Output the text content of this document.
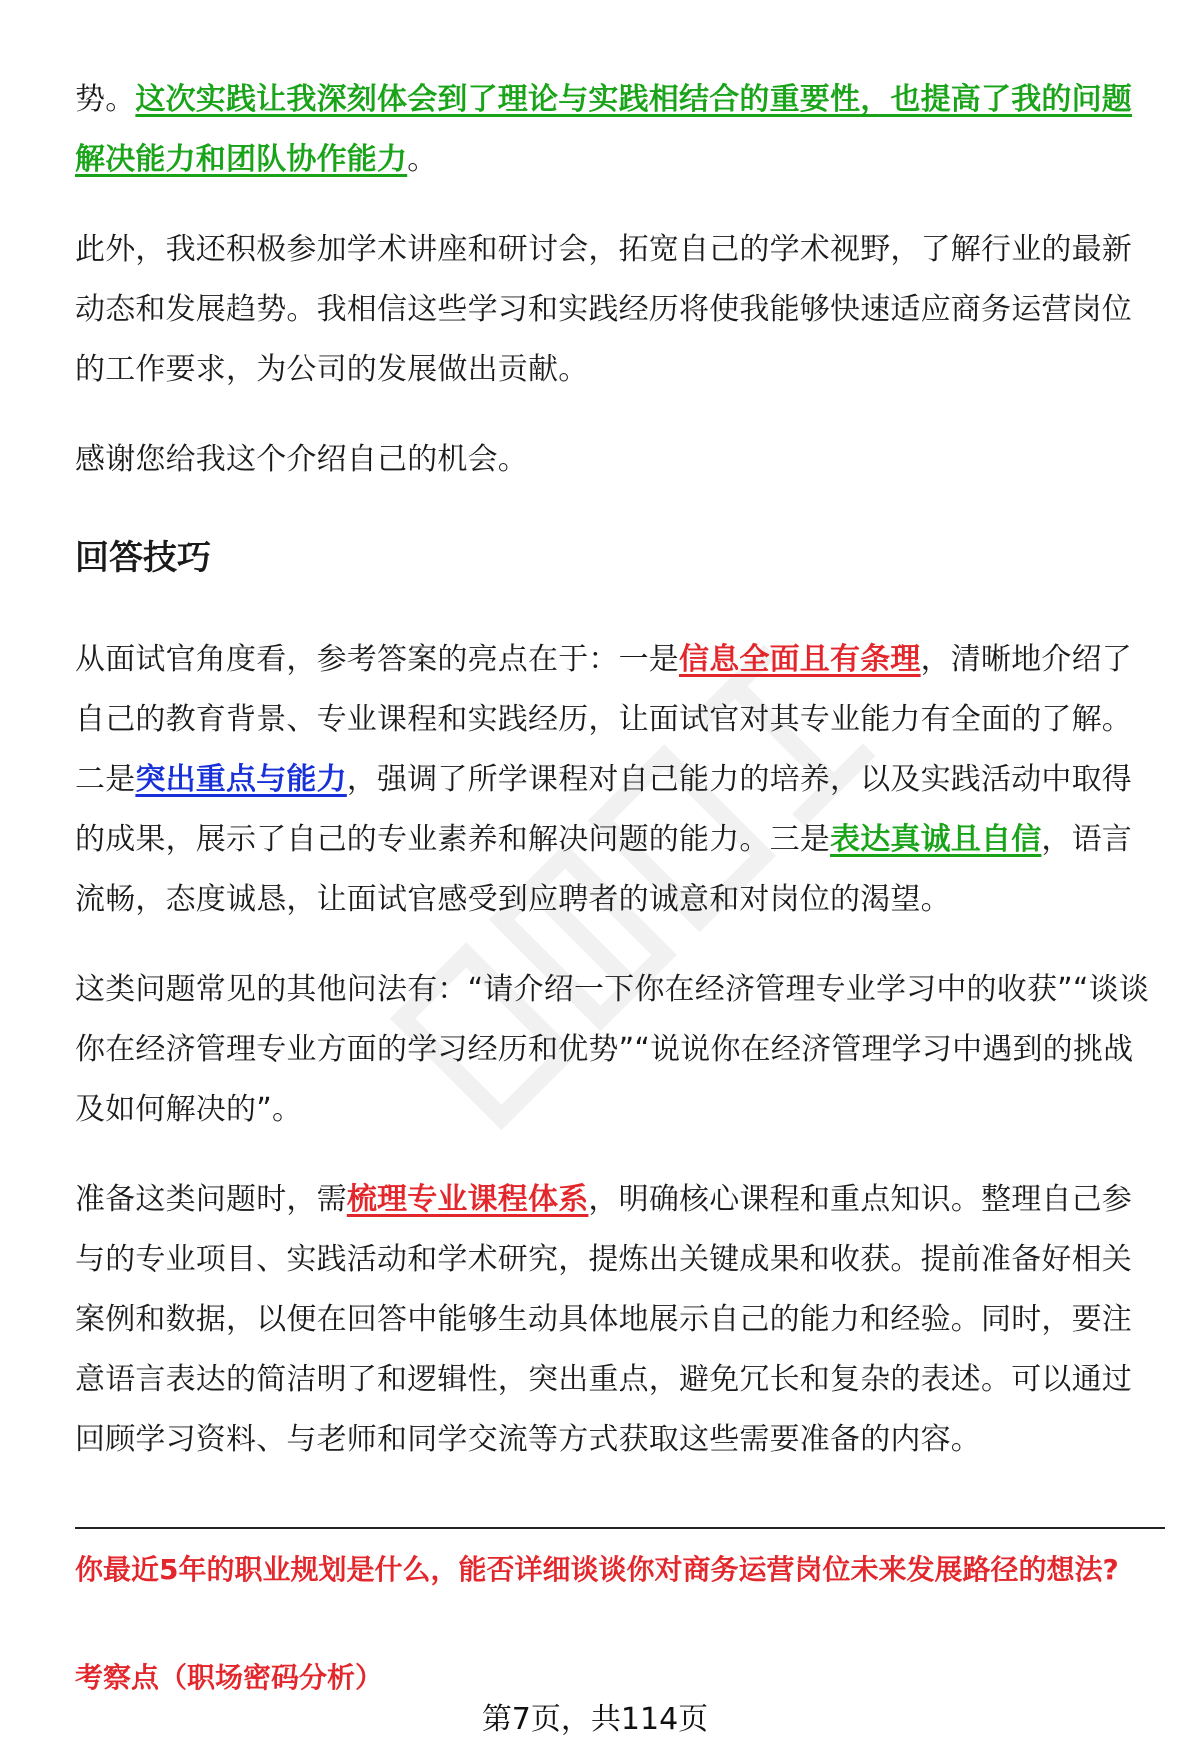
势。这次实践让我深刻体会到了理论与实践相结合的重要性，也提高了我的问题解决能力和团队协作能力。

此外，我还积极参加学术讲座和研讨会，拓宽自己的学术视野，了解行业的最新动态和发展趋势。我相信这些学习和实践经历将使我能够快速适应商务运营岗位的工作要求，为公司的发展做出贡献。

感谢您给我这个介绍自己的机会。

回答技巧

从面试官角度看，参考答案的亮点在于：一是信息全面且有条理，清晰地介绍了自己的教育背景、专业课程和实践经历，让面试官对其专业能力有全面的了解。二是突出重点与能力，强调了所学课程对自己能力的培养，以及实践活动中取得的成果，展示了自己的专业素养和解决问题的能力。三是表达真诚且自信，语言流畅，态度诚恳，让面试官感受到应聘者的诚意和对岗位的渴望。

这类问题常见的其他问法有：“请介绍一下你在经济管理专业学习中的收获”“谈谈你在经济管理专业方面的学习经历和优势”“说说你在经济管理学习中遇到的挑战及如何解决的”。

准备这类问题时，需梳理专业课程体系，明确核心课程和重点知识。整理自己参与的专业项目、实践活动和学术研究，提炼出关键成果和收获。提前准备好相关案例和数据，以便在回答中能够生动具体地展示自己的能力和经验。同时，要注意语言表达的简洁明了和逻辑性，突出重点，避免冗长和复杂的表述。可以通过回顾学习资料、与老师和同学交流等方式获取这些需要准备的内容。

你最近5年的职业规划是什么，能否详细谈谈你对商务运营岗位未来发展路径的想法?
考察点（职场密码分析）
第7页，共114页
